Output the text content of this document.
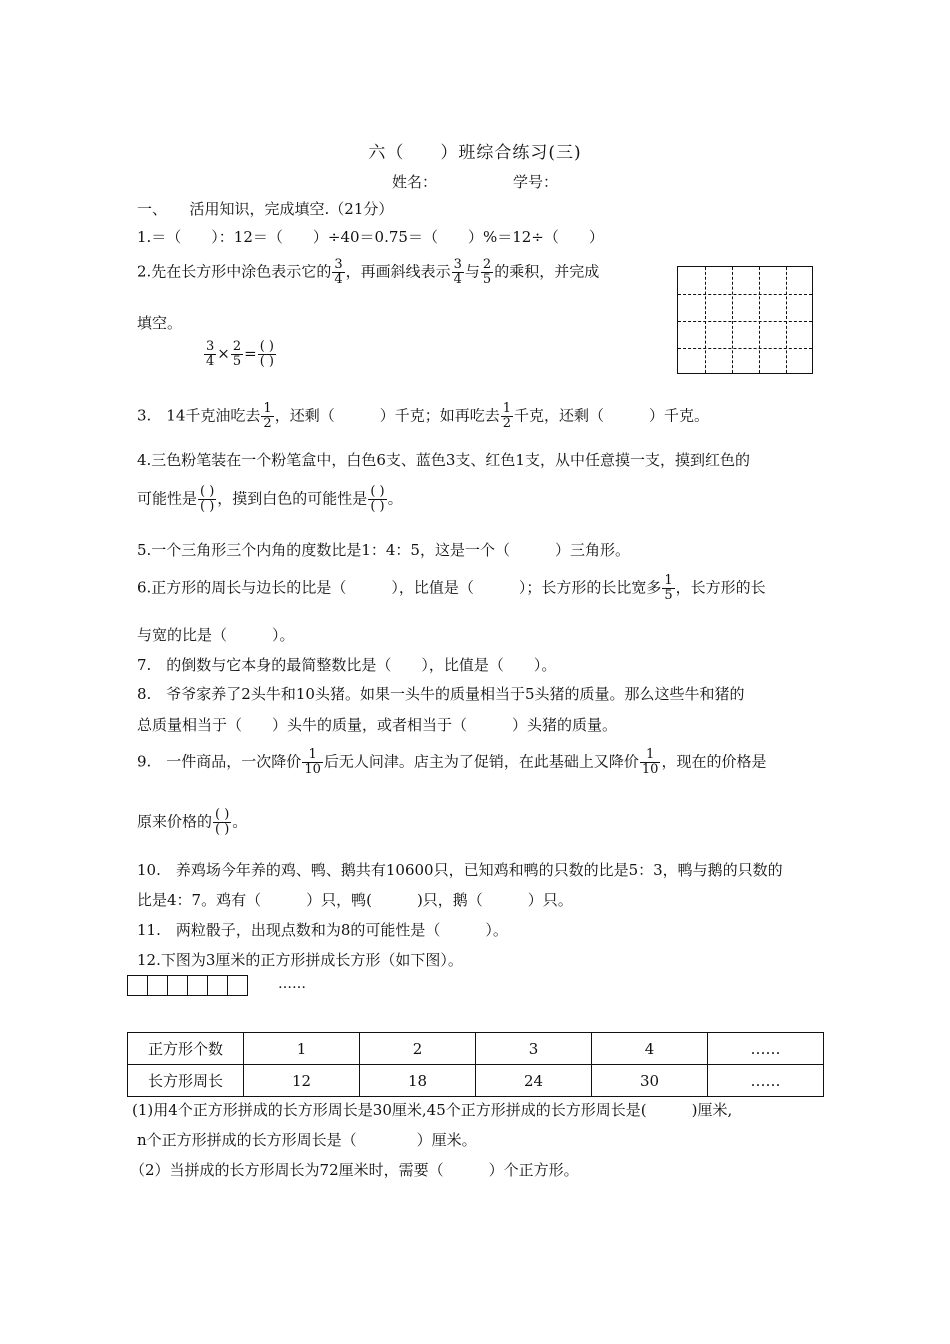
六（　　）班综合练习(三)
姓名：	学号：
一、　　活用知识，完成填空.（21分）
1.＝（　　）：12＝（　　）÷40＝0.75＝（　　）%＝12÷（　　）
2.先在长方形中涂色表示它的 $\frac{3}{4}$ ，再画斜线表示 $\frac{3}{4}$ 与 $\frac{2}{5}$ 的乘积，并完成
填空。
$\frac{3}{4} \times \frac{2}{5} = \frac{( )}{( )}$
3.　14千克油吃去 $\frac{1}{2}$ ，还剩（　　　）千克；如再吃去 $\frac{1}{2}$ 千克，还剩（　　　）千克。
4.三色粉笔装在一个粉笔盒中，白色6支、蓝色3支、红色1支，从中任意摸一支，摸到红色的
可能性是 $\frac{( )}{( )}$ ，摸到白色的可能性是 $\frac{( )}{( )}$ 。
5.一个三角形三个内角的度数比是1：4：5，这是一个（　　　）三角形。
6.正方形的周长与边长的比是（　　　），比值是（　　　）；长方形的长比宽多 $\frac{1}{5}$ ，长方形的长
与宽的比是（　　　）。
7.　的倒数与它本身的最简整数比是（　　），比值是（　　）。
8.　爷爷家养了2头牛和10头猪。如果一头牛的质量相当于5头猪的质量。那么这些牛和猪的
总质量相当于（　　）头牛的质量，或者相当于（　　　）头猪的质量。
9.　一件商品，一次降价 $\frac{1}{10}$ 后无人问津。店主为了促销，在此基础上又降价 $\frac{1}{10}$ ，现在的价格是
原来价格的 $\frac{( )}{( )}$ 。
10.　养鸡场今年养的鸡、鸭、鹅共有10600只，已知鸡和鸭的只数的比是5：3，鸭与鹅的只数的
比是4：7。鸡有（　　　）只，鸭(　　　)只，鹅（　　　）只。
11.　两粒骰子，出现点数和为8的可能性是（　　　）。
12.下图为3厘米的正方形拼成长方形（如下图）。
……
正方形个数	1	2	3	4	……
长方形周长	12	18	24	30	……
(1)用4个正方形拼成的长方形周长是30厘米,45个正方形拼成的长方形周长是(　　　)厘米,
n个正方形拼成的长方形周长是（　　　　）厘米。
（2）当拼成的长方形周长为72厘米时，需要（　　　）个正方形。
